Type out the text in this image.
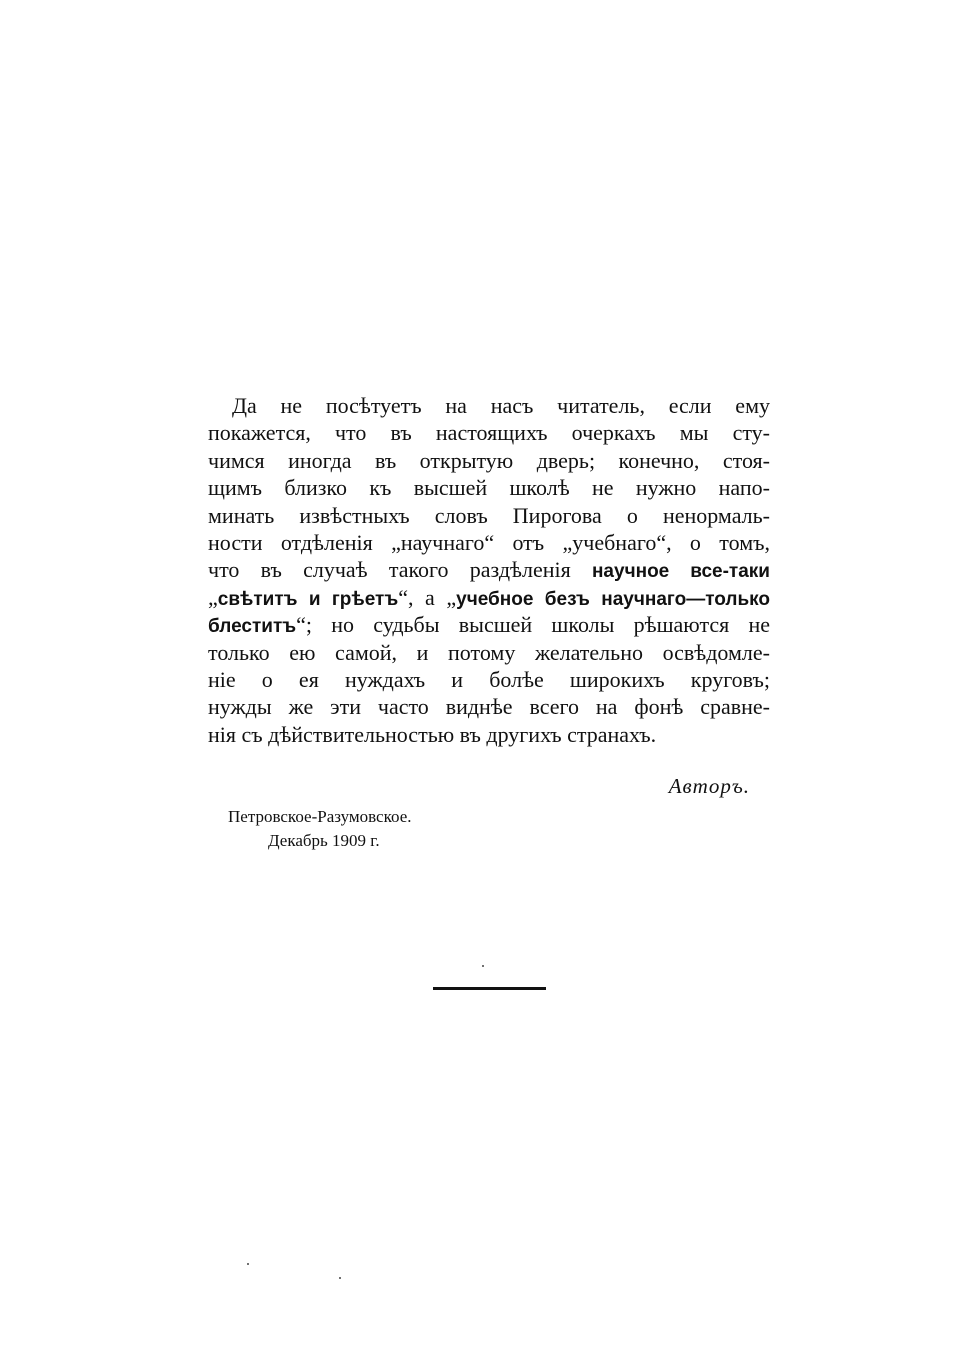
Да не посѣтуетъ на насъ читатель, если ему
покажется, что въ настоящихъ очеркахъ мы сту-
чимся иногда въ открытую дверь; конечно, стоя-
щимъ близко къ высшей школѣ не нужно напо-
минать извѣстныхъ словъ Пирогова о ненормаль-
ности отдѣленія „научнаго“ отъ „учебнаго“, о томъ,
что въ случаѣ такого раздѣленія научное все-таки
„свѣтитъ и грѣетъ“, а „учебное безъ научнаго—только
блеститъ“; но судьбы высшей школы рѣшаются не
только ею самой, и потому желательно освѣдомле-
ніе о ея нуждахъ и болѣе широкихъ круговъ;
нужды же эти часто виднѣе всего на фонѣ сравне-
нія съ дѣйствительностью въ другихъ странахъ.
Авторъ.
Петровское-Разумовское.
Декабрь 1909 г.
